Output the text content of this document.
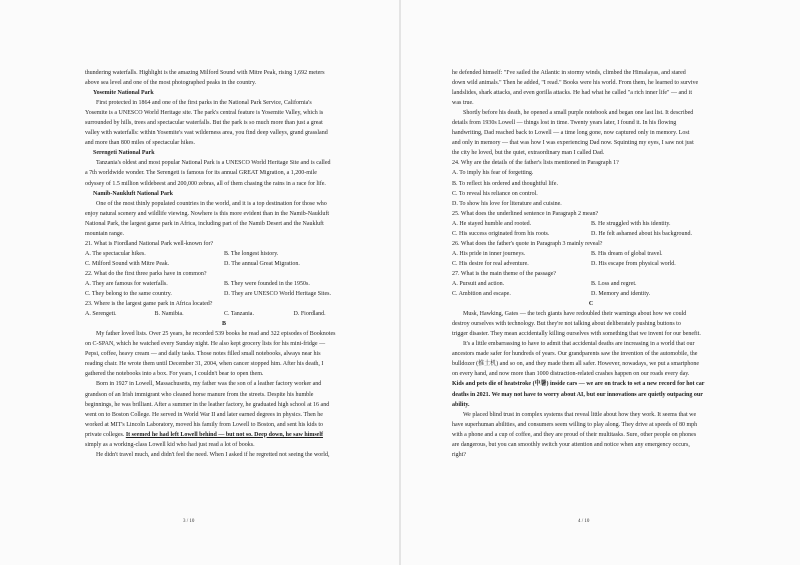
thundering waterfalls. Highlight is the amazing Milford Sound with Mitre Peak, rising 1,692 meters

above sea level and one of the most photographed peaks in the country.

Yosemite National Park

First protected in 1864 and one of the first parks in the National Park Service, California's

Yosemite is a UNESCO World Heritage site. The park's central feature is Yosemite Valley, which is

surrounded by hills, trees and spectacular waterfalls. But the park is so much more than just a great

valley with waterfalls: within Yosemite's vast wilderness area, you find deep valleys, grand grassland

and more than 800 miles of spectacular hikes.

Serengeti National Park

Tanzania's oldest and most popular National Park is a UNESCO World Heritage Site and is called

a 7th worldwide wonder. The Serengeti is famous for its annual GREAT Migration, a 1,200-mile

odyssey of 1.5 million wildebeest and 200,000 zebras, all of them chasing the rains in a race for life.

Namib-Naukluft National Park

One of the most thinly populated countries in the world, and it is a top destination for those who

enjoy natural scenery and wildlife viewing. Nowhere is this more evident than in the Namib-Naukluft

National Park, the largest game park in Africa, including part of the Namib Desert and the Naukluft

mountain range.

21. What is Fiordland National Park well-known for?

A. The spectacular hikes.	B. The longest history.
C. Milford Sound with Mitre Peak.	D. The annual Great Migration.

22. What do the first three parks have in common?

A. They are famous for waterfalls.	B. They were founded in the 1950s.
C. They belong to the same country.	D. They are UNESCO World Heritage Sites.

23. Where is the largest game park in Africa located?

A. Serengeti.	B. Namibia.	C. Tanzania.	D. Fiordland.

B

My father loved lists. Over 25 years, he recorded 539 books he read and 322 episodes of Booknotes

on C-SPAN, which he watched every Sunday night. He also kept grocery lists for his mini-fridge —

Pepsi, coffee, heavy cream — and daily tasks. Those notes filled small notebooks, always near his

reading chair. He wrote them until December 31, 2004, when cancer stopped him. After his death, I

gathered the notebooks into a box. For years, I couldn't bear to open them.

Born in 1927 in Lowell, Massachusetts, my father was the son of a leather factory worker and

grandson of an Irish immigrant who cleaned horse manure from the streets. Despite his humble

beginnings, he was brilliant. After a summer in the leather factory, he graduated high school at 16 and

went on to Boston College. He served in World War II and later earned degrees in physics. Then he

worked at MIT's Lincoln Laboratory, moved his family from Lowell to Boston, and sent his kids to

private colleges. It seemed he had left Lowell behind — but not so. Deep down, he saw himself

simply as a working-class Lowell kid who had just read a lot of books.

He didn't travel much, and didn't feel the need. When I asked if he regretted not seeing the world,

3 / 10

he defended himself: "I've sailed the Atlantic in stormy winds, climbed the Himalayas, and stared

down wild animals." Then he added, "I read." Books were his world. From them, he learned to survive

landslides, shark attacks, and even gorilla attacks. He had what he called "a rich inner life" — and it

was true.

Shortly before his death, he opened a small purple notebook and began one last list. It described

details from 1930s Lowell — things lost in time. Twenty years later, I found it. In his flowing

handwriting, Dad reached back to Lowell — a time long gone, now captured only in memory. Lost

and only in memory — that was how I was experiencing Dad now. Squinting my eyes, I saw not just

the city he loved, but the quiet, extraordinary man I called Dad.

24. Why are the details of the father's lists mentioned in Paragraph 1?

A. To imply his fear of forgetting.

B. To reflect his ordered and thoughtful life.

C. To reveal his reliance on control.

D. To show his love for literature and cuisine.

25. What does the underlined sentence in Paragraph 2 mean?

A. He stayed humble and rooted.	B. He struggled with his identity.
C. His success originated from his roots.	D. He felt ashamed about his background.

26. What does the father's quote in Paragraph 3 mainly reveal?

A. His pride in inner journeys.	B. His dream of global travel.
C. His desire for real adventure.	D. His escape from physical world.

27. What is the main theme of the passage?

A. Pursuit and action.	B. Loss and regret.
C. Ambition and escape.	D. Memory and identity.

C

Musk, Hawking, Gates — the tech giants have redoubled their warnings about how we could

destroy ourselves with technology. But they're not talking about deliberately pushing buttons to

trigger disaster. They mean accidentally killing ourselves with something that we invent for our benefit.

It's a little embarrassing to have to admit that accidental deaths are increasing in a world that our

ancestors made safer for hundreds of years. Our grandparents saw the invention of the automobile, the

bulldozer (推土机) and so on, and they made them all safer. However, nowadays, we put a smartphone

on every hand, and now more than 1000 distraction-related crashes happen on our roads every day.

Kids and pets die of heatstroke (中暑) inside cars — we are on track to set a new record for hot car

deaths in 2021. We may not have to worry about AI, but our innovations are quietly outpacing our

ability.

We placed blind trust in complex systems that reveal little about how they work. It seems that we

have superhuman abilities, and consumers seem willing to play along. They drive at speeds of 80 mph

with a phone and a cup of coffee, and they are proud of their multitasks. Sure, other people on phones

are dangerous, but you can smoothly switch your attention and notice when any emergency occurs,

right?

4 / 10
